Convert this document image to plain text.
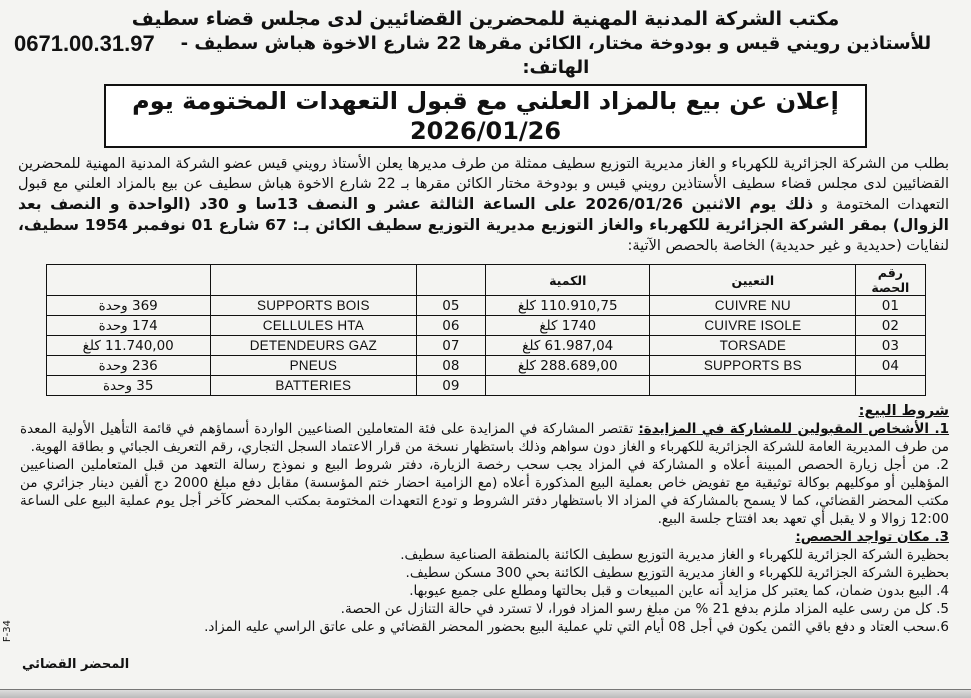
مكتب الشركة المدنية المهنية للمحضرين القضائيين لدى مجلس قضاء سطيف
للأستاذين رويني قيس و بودوخة مختار، الكائن مقرها 22 شارع الاخوة هباش سطيف - الهاتف:
0671.00.31.97
إعلان عن بيع بالمزاد العلني مع قبول التعهدات المختومة يوم 2026/01/26
بطلب من الشركة الجزائرية للكهرباء و الغاز مديرية التوزيع سطيف ممثلة من طرف مديرها يعلن الأستاذ رويني قيس عضو الشركة المدنية المهنية للمحضرين القضائيين لدى مجلس قضاء سطيف الأستاذين رويني قيس و بودوخة مختار الكائن مقرها بـ 22 شارع الاخوة هباش سطيف عن بيع بالمزاد العلني مع قبول التعهدات المختومة و ذلك يوم الاثنين 2026/01/26 على الساعة الثالثة عشر و النصف 13سا و 30د (الواحدة و النصف بعد الزوال) بمقر الشركة الجزائرية للكهرباء والغاز التوزيع مديرية التوزيع سطيف الكائن بـ: 67 شارع 01 نوفمبر 1954 سطيف، لنفايات (حديدية و غير حديدية) الخاصة بالحصص الآتية:
رقم الحصة	التعيين	الكمية			
01	CUIVRE NU	110.910,75 كلغ	05	SUPPORTS BOIS	369 وحدة
02	CUIVRE ISOLE	1740 كلغ	06	CELLULES HTA	174 وحدة
03	TORSADE	61.987,04 كلغ	07	DETENDEURS GAZ	11.740,00 كلغ
04	SUPPORTS BS	288.689,00 كلغ	08	PNEUS	236 وحدة
			09	BATTERIES	35 وحدة
شروط البيع:

1. الأشخاص المقبولين للمشاركة في المزايدة: تقتصر المشاركة في المزايدة على فئة المتعاملين الصناعيين الواردة أسماؤهم في قائمة التأهيل الأولية المعدة من طرف المديرية العامة للشركة الجزائرية للكهرباء و الغاز دون سواهم وذلك باستظهار نسخة من قرار الاعتماد السجل التجاري، رقم التعريف الجبائي و بطاقة الهوية.

2. من أجل زيارة الحصص المبينة أعلاه و المشاركة في المزاد يجب سحب رخصة الزيارة، دفتر شروط البيع و نموذج رسالة التعهد من قبل المتعاملين الصناعيين المؤهلين أو موكليهم بوكالة توثيقية مع تفويض خاص بعملية البيع المذكورة أعلاه (مع الزامية احضار ختم المؤسسة) مقابل دفع مبلغ 2000 دج ألفين دينار جزائري من مكتب المحضر القضائي، كما لا يسمح بالمشاركة في المزاد الا باستظهار دفتر الشروط و تودع التعهدات المختومة بمكتب المحضر كآخر أجل يوم عملية البيع على الساعة 12:00 زوالا و لا يقبل أي تعهد بعد افتتاح جلسة البيع.

3. مكان تواجد الحصص:

بحظيرة الشركة الجزائرية للكهرباء و الغاز مديرية التوزيع سطيف الكائنة بالمنطقة الصناعية سطيف.

بحظيرة الشركة الجزائرية للكهرباء و الغاز مديرية التوزيع سطيف الكائنة بحي 300 مسكن سطيف.

4. البيع بدون ضمان، كما يعتبر كل مزايد أنه عاين المبيعات و قبل بحالتها ومطلع على جميع عيوبها.

5. كل من رسى عليه المزاد ملزم بدفع 21 % من مبلغ رسو المزاد فورا، لا تسترد في حالة التنازل عن الحصة.

6.سحب العتاد و دفع باقي الثمن يكون في أجل 08 أيام التي تلي عملية البيع بحضور المحضر القضائي و على عاتق الراسي عليه المزاد.

المحضر القضائي
F-34
